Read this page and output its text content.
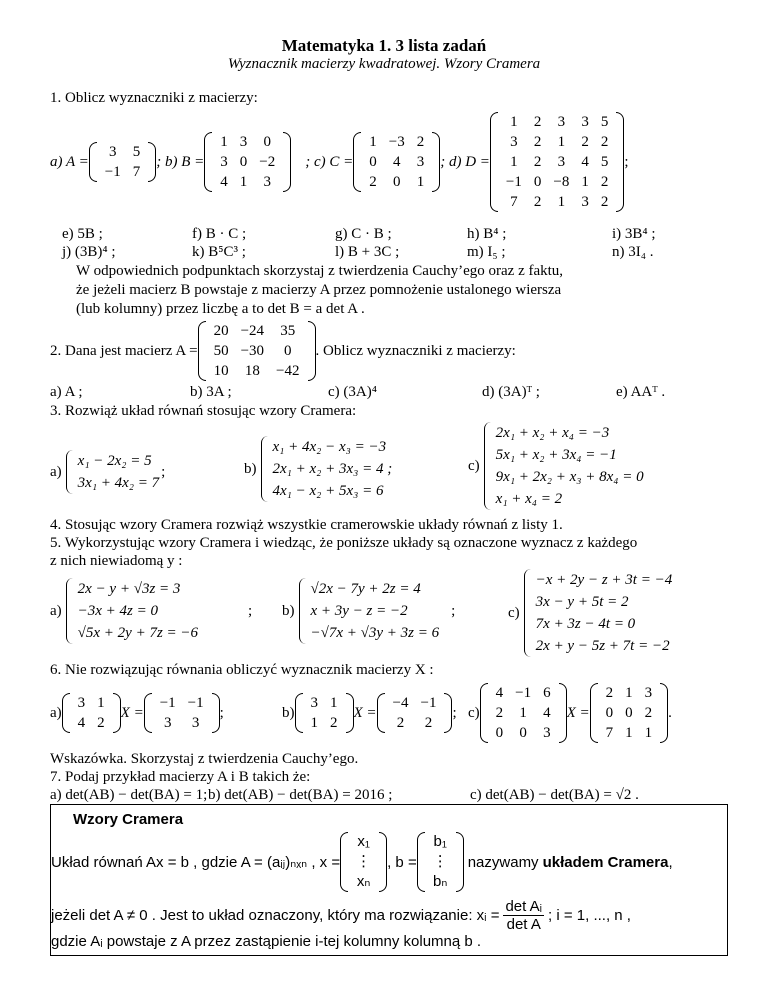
Matematyka 1. 3 lista zadań
Wyznacznik macierzy kwadratowej. Wzory Cramera
1. Oblicz wyznaczniki z macierzy:
a) A =
3	5
−1	7
; b) B =
1	3	0
3	0	−2
4	1	3
; c) C =
1	−3	2
0	4	3
2	0	1
; d) D =
1	2	3	3	5
3	2	1	2	2
1	2	3	4	5
−1	0	−8	1	2
7	2	1	3	2
;
e) 5B ;	f) B · C ;	g) C · B ;	h) B⁴ ;	i) 3B⁴ ;
j) (3B)⁴ ;	k) B⁵C³ ;	l) B + 3C ;	m) I₅ ;	n) 3I₄ .
W odpowiednich podpunktach skorzystaj z twierdzenia Cauchy’ego oraz z faktu,
że jeżeli macierz B powstaje z macierzy A przez pomnożenie ustalonego wiersza
(lub kolumny) przez liczbę a to det B = a det A .
2. Dana jest macierz A =
20	−24	35
50	−30	0
10	18	−42
. Oblicz wyznaczniki z macierzy:
a) A ;	b) 3A ;	c) (3A)⁴	d) (3A)ᵀ ;	e) AAᵀ .
3. Rozwiąż układ równań stosując wzory Cramera:
a)
x₁ − 2x₂ = 5
3x₁ + 4x₂ = 7
;	b)
x₁ + 4x₂ − x₃ = −3
2x₁ + x₂ + 3x₃ = 4 ;
4x₁ − x₂ + 5x₃ = 6
c)
2x₁ + x₂ + x₄ = −3
5x₁ + x₂ + 3x₄ = −1
9x₁ + 2x₂ + x₃ + 8x₄ = 0
x₁ + x₄ = 2
4. Stosując wzory Cramera rozwiąż wszystkie cramerowskie układy równań z listy 1.
5. Wykorzystując wzory Cramera i wiedząc, że poniższe układy są oznaczone wyznacz z każdego
z nich niewiadomą y :
a)
2x − y + √3z = 3
−3x + 4z = 0
√5x + 2y + 7z = −6
; b)
√2x − 7y + 2z = 4
x + 3y − z = −2
−√7x + √3y + 3z = 6
;	c)
−x + 2y − z + 3t = −4
3x − y + 5t = 2
7x + 3z − 4t = 0
2x + y − 5z + 7t = −2
6. Nie rozwiązując równania obliczyć wyznacznik macierzy X :
a)
3	1
4	2
X =
−1	−1
3	3
;	b)
3	1
1	2
X =
−4	−1
2	2
; c)
4	−1	6
2	1	4
0	0	3
X =
2	1	3
0	0	2
7	1	1
.
Wskazówka. Skorzystaj z twierdzenia Cauchy’ego.
7. Podaj przykład macierzy A i B takich że:
a) det(AB) − det(BA) = 1; b) det(AB) − det(BA) = 2016 ;	c) det(AB) − det(BA) = √2 .
Wzory Cramera
Układ równań Ax = b , gdzie A = (aᵢⱼ)ₙₓₙ , x =
x₁
⋮
xₙ
, b =
b₁
⋮
bₙ
nazywamy układem Cramera ,
jeżeli det A ≠ 0 . Jest to układ oznaczony, który ma rozwiązanie: xᵢ = $\frac{\text{det Aᵢ}}{\text{det A}}$ ; i = 1, ..., n ,
gdzie Aᵢ powstaje z A przez zastąpienie i-tej kolumny kolumną b .
